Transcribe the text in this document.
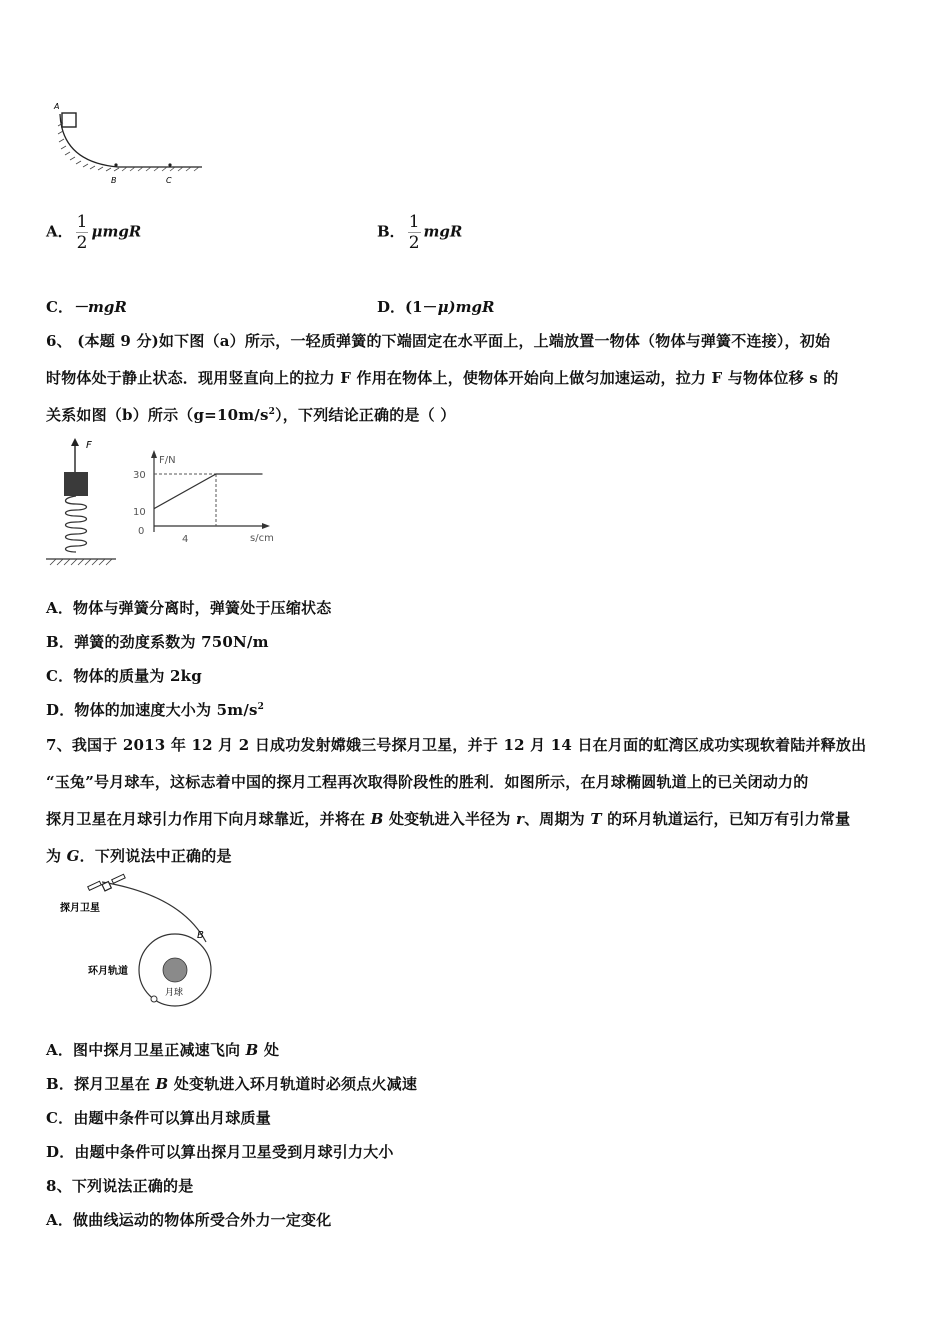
A
B	C
A． $\frac{1}{2}$ μmgR	B． $\frac{1}{2}$ mgR
C．－mgR	D．(1－μ)mgR
6、 (本题 9 分)如下图（a）所示，一轻质弹簧的下端固定在水平面上，上端放置一物体（物体与弹簧不连接），初始
时物体处于静止状态．现用竖直向上的拉力 F 作用在物体上，使物体开始向上做匀加速运动，拉力 F 与物体位移 s 的
关系如图（b）所示$(g=10m/s^2)$，下列结论正确的是（ ）
F
F/N
s/cm
30
10
0
4
A．物体与弹簧分离时，弹簧处于压缩状态
B．弹簧的劲度系数为 750N/m
C．物体的质量为 2kg
D．物体的加速度大小为 $5m/s^2$
7、我国于 2013 年 12 月 2 日成功发射嫦娥三号探月卫星，并于 12 月 14 日在月面的虹湾区成功实现软着陆并释放出
“玉兔”号月球车，这标志着中国的探月工程再次取得阶段性的胜利．如图所示，在月球椭圆轨道上的已关闭动力的
探月卫星在月球引力作用下向月球靠近，并将在 B 处变轨进入半径为 r、周期为 T 的环月轨道运行，已知万有引力常量
为 G．下列说法中正确的是
探月卫星
B
月球
环月轨道
A．图中探月卫星正减速飞向 B 处
B．探月卫星在 B 处变轨进入环月轨道时必须点火减速
C．由题中条件可以算出月球质量
D．由题中条件可以算出探月卫星受到月球引力大小
8、下列说法正确的是
A．做曲线运动的物体所受合外力一定变化
